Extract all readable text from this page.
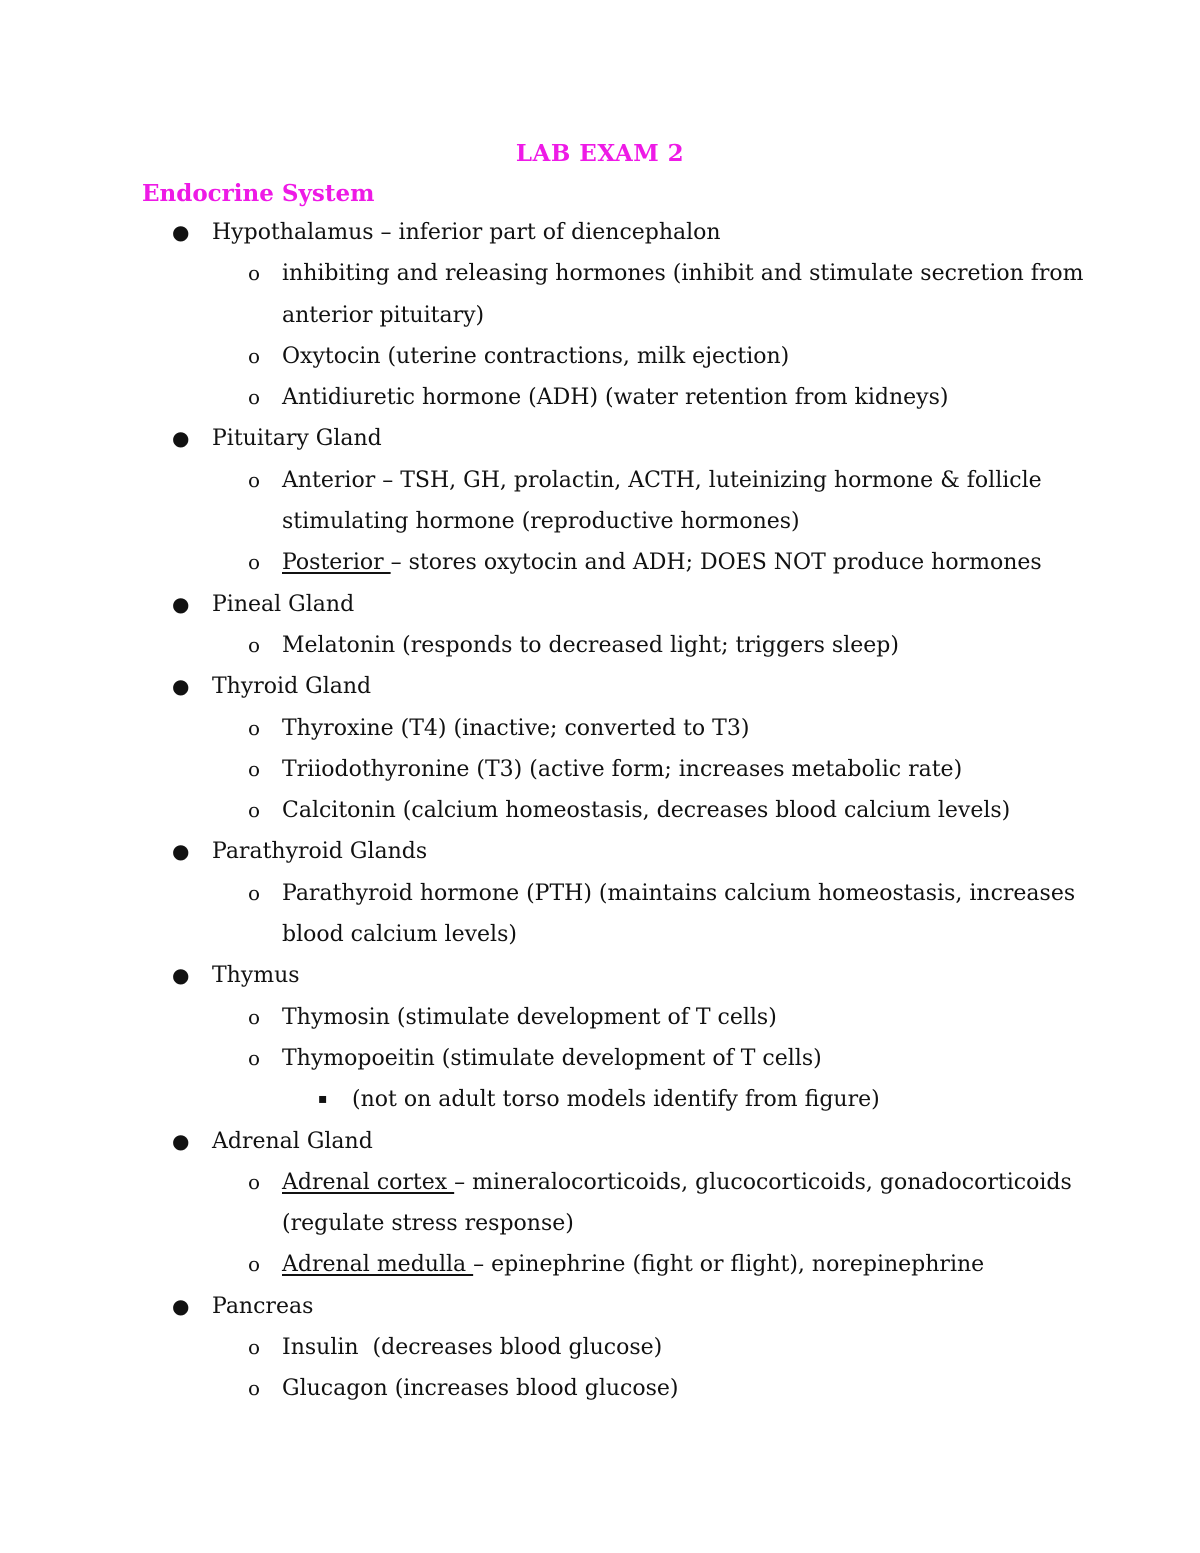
LAB EXAM 2
Endocrine System

● Hypothalamus – inferior part of diencephalon

o inhibiting and releasing hormones (inhibit and stimulate secretion from

anterior pituitary)

o Oxytocin (uterine contractions, milk ejection)

o Antidiuretic hormone (ADH) (water retention from kidneys)

● Pituitary Gland

o Anterior – TSH, GH, prolactin, ACTH, luteinizing hormone & follicle

stimulating hormone (reproductive hormones)

o Posterior – stores oxytocin and ADH; DOES NOT produce hormones

● Pineal Gland

o Melatonin (responds to decreased light; triggers sleep)

● Thyroid Gland

o Thyroxine (T4) (inactive; converted to T3)

o Triiodothyronine (T3) (active form; increases metabolic rate)

o Calcitonin (calcium homeostasis, decreases blood calcium levels)

● Parathyroid Glands

o Parathyroid hormone (PTH) (maintains calcium homeostasis, increases

blood calcium levels)

● Thymus

o Thymosin (stimulate development of T cells)

o Thymopoeitin (stimulate development of T cells)

▪ (not on adult torso models identify from figure)

● Adrenal Gland

o Adrenal cortex – mineralocorticoids, glucocorticoids, gonadocorticoids

(regulate stress response)

o Adrenal medulla – epinephrine (fight or flight), norepinephrine

● Pancreas

o Insulin  (decreases blood glucose)

o Glucagon (increases blood glucose)
